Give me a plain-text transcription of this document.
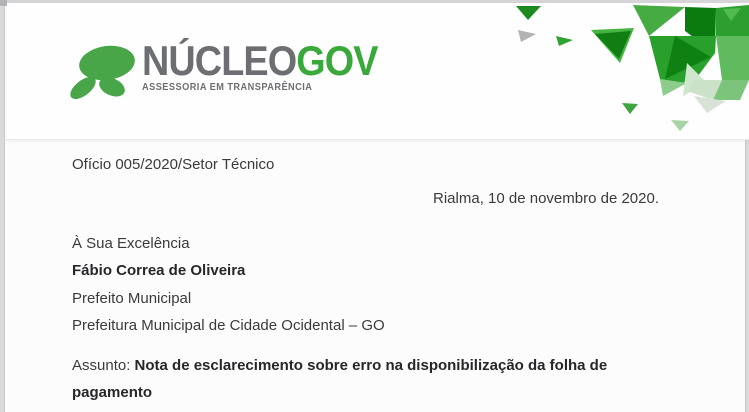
NÚCLEOGOV
ASSESSORIA EM TRANSPARÊNCIA
Ofício 005/2020/Setor Técnico
Rialma, 10 de novembro de 2020.
À Sua Excelência
Fábio Correa de Oliveira
Prefeito Municipal
Prefeitura Municipal de Cidade Ocidental – GO
Assunto: Nota de esclarecimento sobre erro na disponibilização da folha de pagamento
